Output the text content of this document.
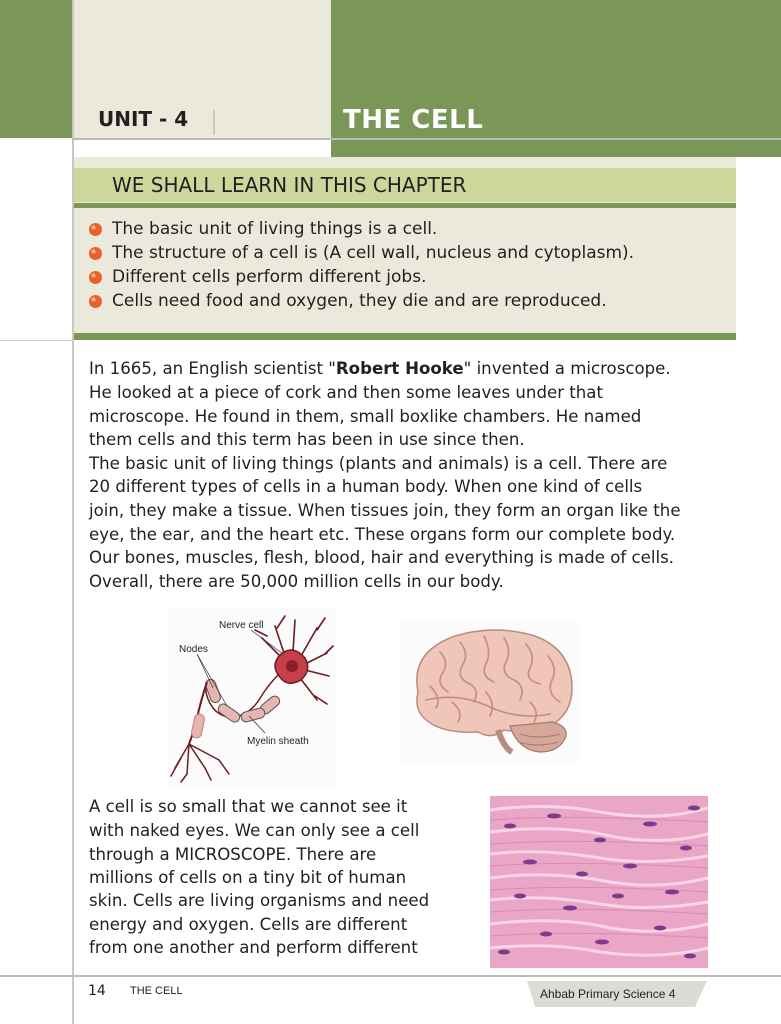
UNIT - 4	THE CELL
WE SHALL LEARN IN THIS CHAPTER
The basic unit of living things is a cell.
The structure of a cell is (A cell wall, nucleus and cytoplasm).
Different cells perform different jobs.
Cells need food and oxygen, they die and are reproduced.
In 1665, an English scientist "Robert Hooke" invented a microscope.
He looked at a piece of cork and then some leaves under that
microscope. He found in them, small boxlike chambers. He named
them cells and this term has been in use since then.
The basic unit of living things (plants and animals) is a cell. There are
20 different types of cells in a human body. When one kind of cells
join, they make a tissue. When tissues join, they form an organ like the
eye, the ear, and the heart etc. These organs form our complete body.
Our bones, muscles, flesh, blood, hair and everything is made of cells.
Overall, there are 50,000 million cells in our body.
Nerve cell
Nodes
Myelin sheath
A cell is so small that we cannot see it
with naked eyes. We can only see a cell
through a MICROSCOPE. There are
millions of cells on a tiny bit of human
skin. Cells are living organisms and need
energy and oxygen. Cells are different
from one another and perform different
14 THE CELL	Ahbab Primary Science 4
